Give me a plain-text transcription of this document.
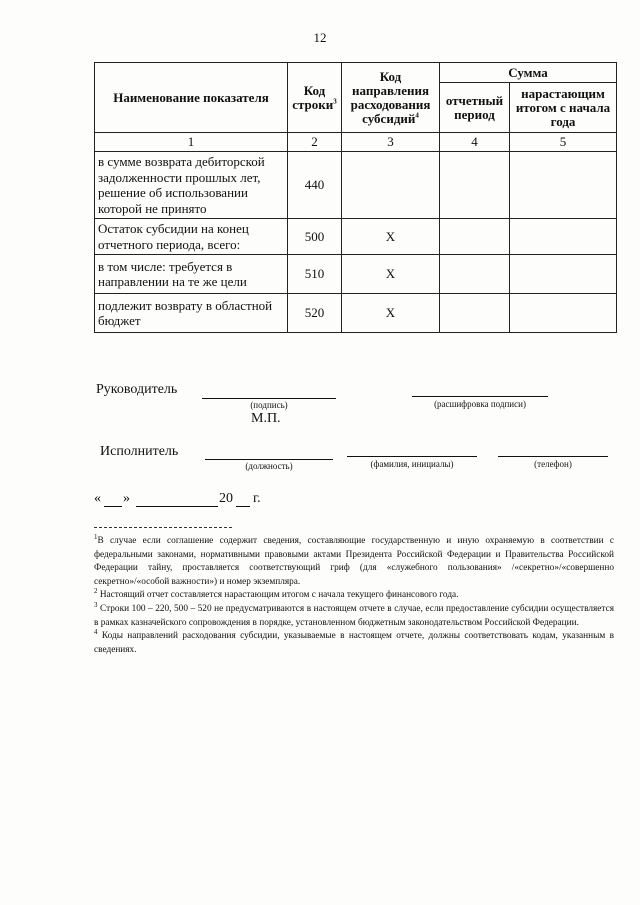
12
Наименование показателя	Код строки$^3$	Код направления расходования субсидий$^4$	Сумма	
			отчетный период	нарастающим итогом с начала года
1	2	3	4	5
в сумме возврата дебиторской задолженности прошлых лет, решение об использовании которой не принято	440			
Остаток субсидии на конец отчетного периода, всего:	500	X		
в том числе: требуется в направлении на те же цели	510	X		
подлежит возврату в областной бюджет	520	X		
Руководитель
(подпись)	(расшифровка подписи)
М.П.
Исполнитель
(должность)	(фамилия, инициалы)	(телефон)
« »	20 г.

$^1$В случае если соглашение содержит сведения, составляющие государственную и иную охраняемую в соответствии с федеральными законами, нормативными правовыми актами Президента Российской Федерации и Правительства Российской Федерации тайну, проставляется соответствующий гриф (для «служебного пользования» /«секретно»/«совершенно секретно»/«особой важности») и номер экземпляра.

$^2$ Настоящий отчет составляется нарастающим итогом с начала текущего финансового года.

$^3$ Строки 100 – 220, 500 – 520 не предусматриваются в настоящем отчете в случае, если предоставление субсидии осуществляется в рамках казначейского сопровождения в порядке, установленном бюджетным законодательством Российской Федерации.

$^4$ Коды направлений расходования субсидии, указываемые в настоящем отчете, должны соответствовать кодам, указанным в сведениях.
